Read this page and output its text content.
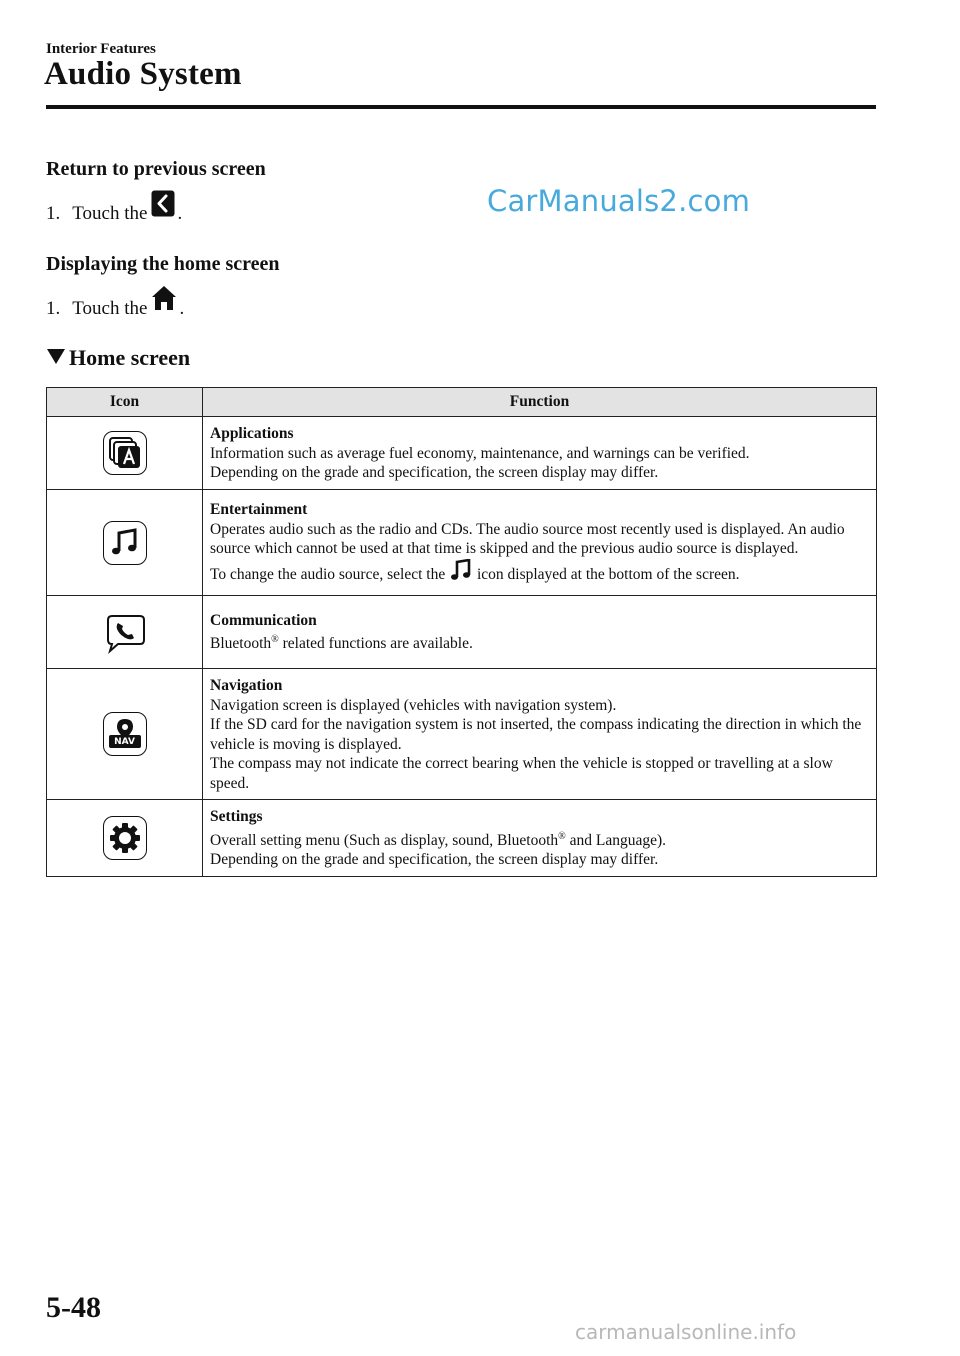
Interior Features
Audio System
CarManuals2.com
Return to previous screen
1. Touch the .
Displaying the home screen
1. Touch the .
Home screen
Icon	Function

Applications
Information such as average fuel economy, maintenance, and warnings can be verified.
Depending on the grade and specification, the screen display may differ.

Entertainment
Operates audio such as the radio and CDs. The audio source most recently used is displayed. An audio source which cannot be used at that time is skipped and the previous audio source is displayed.
To change the audio source, select the icon displayed at the bottom of the screen.

Communication
Bluetooth® related functions are available.

NAV	Navigation
Navigation screen is displayed (vehicles with navigation system).
If the SD card for the navigation system is not inserted, the compass indicating the direction in which the vehicle is moving is displayed.
The compass may not indicate the correct bearing when the vehicle is stopped or travelling at a slow speed.

Settings
Overall setting menu (Such as display, sound, Bluetooth® and Language).
Depending on the grade and specification, the screen display may differ.
5-48
carmanualsonline.info
